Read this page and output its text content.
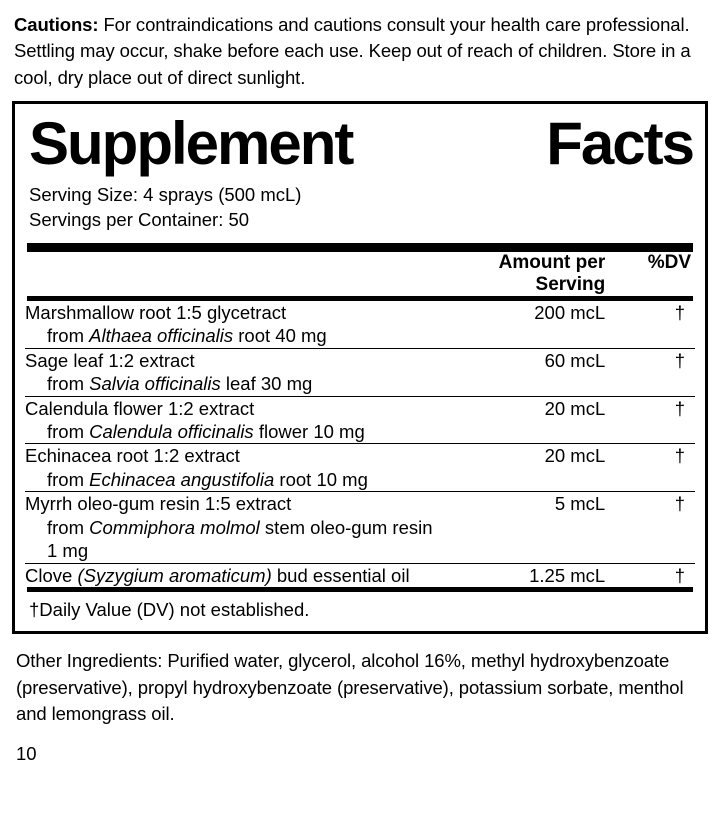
Cautions: For contraindications and cautions consult your health care professional. Settling may occur, shake before each use. Keep out of reach of children. Store in a cool, dry place out of direct sunlight.

Supplement	Facts
Serving Size: 4 sprays (500 mcL)
Servings per Container: 50
	Amount per Serving	%DV
Marshmallow root 1:5 glycetract
from Althaea officinalis root 40 mg	200 mcL	†

Sage leaf 1:2 extract
from Salvia officinalis leaf 30 mg	60 mcL	†

Calendula flower 1:2 extract
from Calendula officinalis flower 10 mg	20 mcL	†

Echinacea root 1:2 extract
from Echinacea angustifolia root 10 mg	20 mcL	†

Myrrh oleo-gum resin 1:5 extract
from Commiphora molmol stem oleo-gum resin 1 mg	5 mcL	†

Clove (Syzygium aromaticum) bud essential oil	1.25 mcL	†
†Daily Value (DV) not established.

Other Ingredients: Purified water, glycerol, alcohol 16%, methyl hydroxybenzoate (preservative), propyl hydroxybenzoate (preservative), potassium sorbate, menthol and lemongrass oil.

10
